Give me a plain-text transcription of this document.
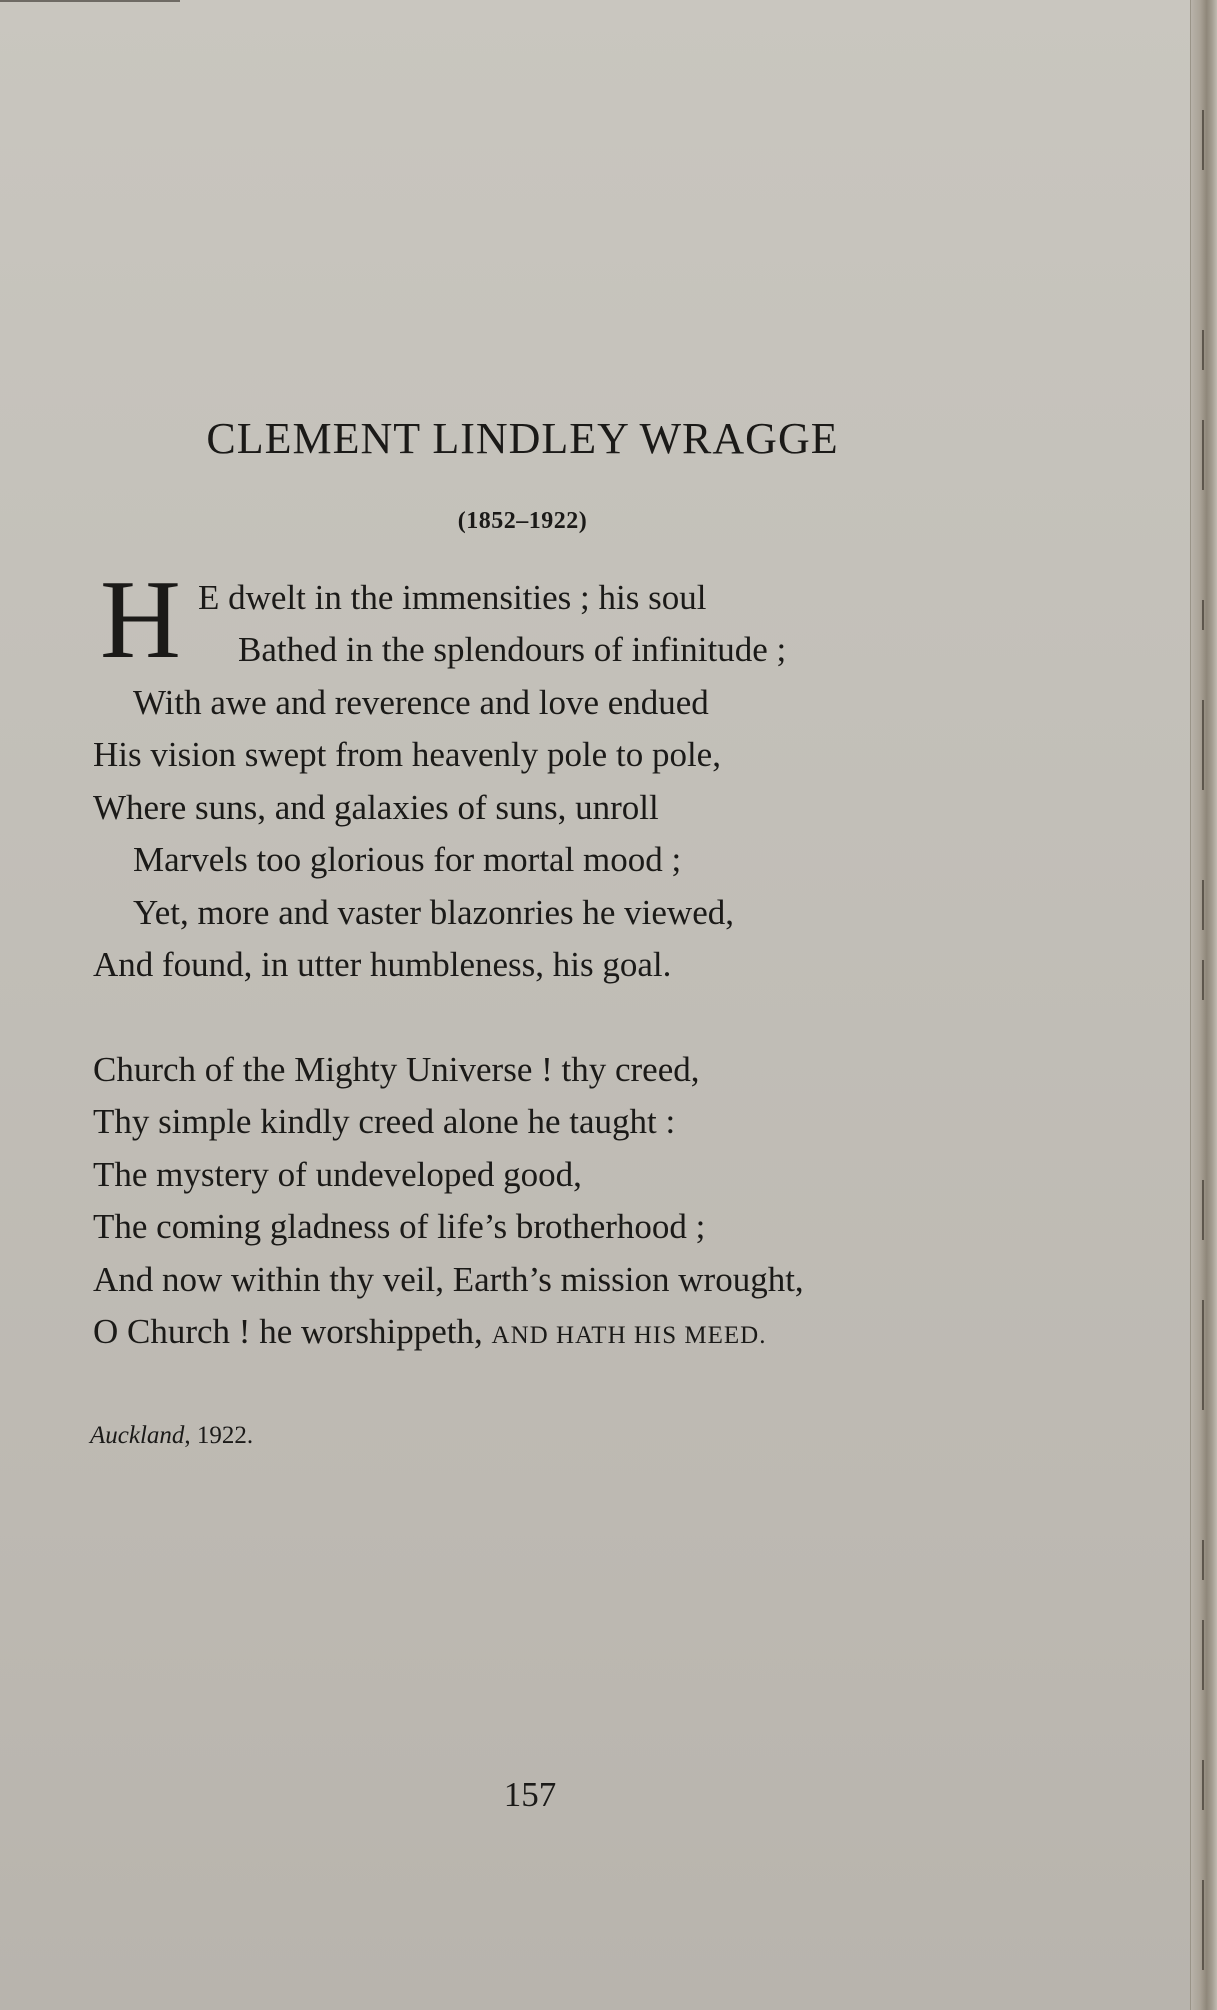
CLEMENT LINDLEY WRAGGE
(1852–1922)
H E dwelt in the immensities ; his soul
Bathed in the splendours of infinitude ;
With awe and reverence and love endued
His vision swept from heavenly pole to pole,
Where suns, and galaxies of suns, unroll
Marvels too glorious for mortal mood ;
Yet, more and vaster blazonries he viewed,
And found, in utter humbleness, his goal.
Church of the Mighty Universe ! thy creed,
Thy simple kindly creed alone he taught :
The mystery of undeveloped good,
The coming gladness of life’s brotherhood ;
And now within thy veil, Earth’s mission wrought,
O Church ! he worshippeth, AND HATH HIS MEED.
Auckland, 1922.
157
